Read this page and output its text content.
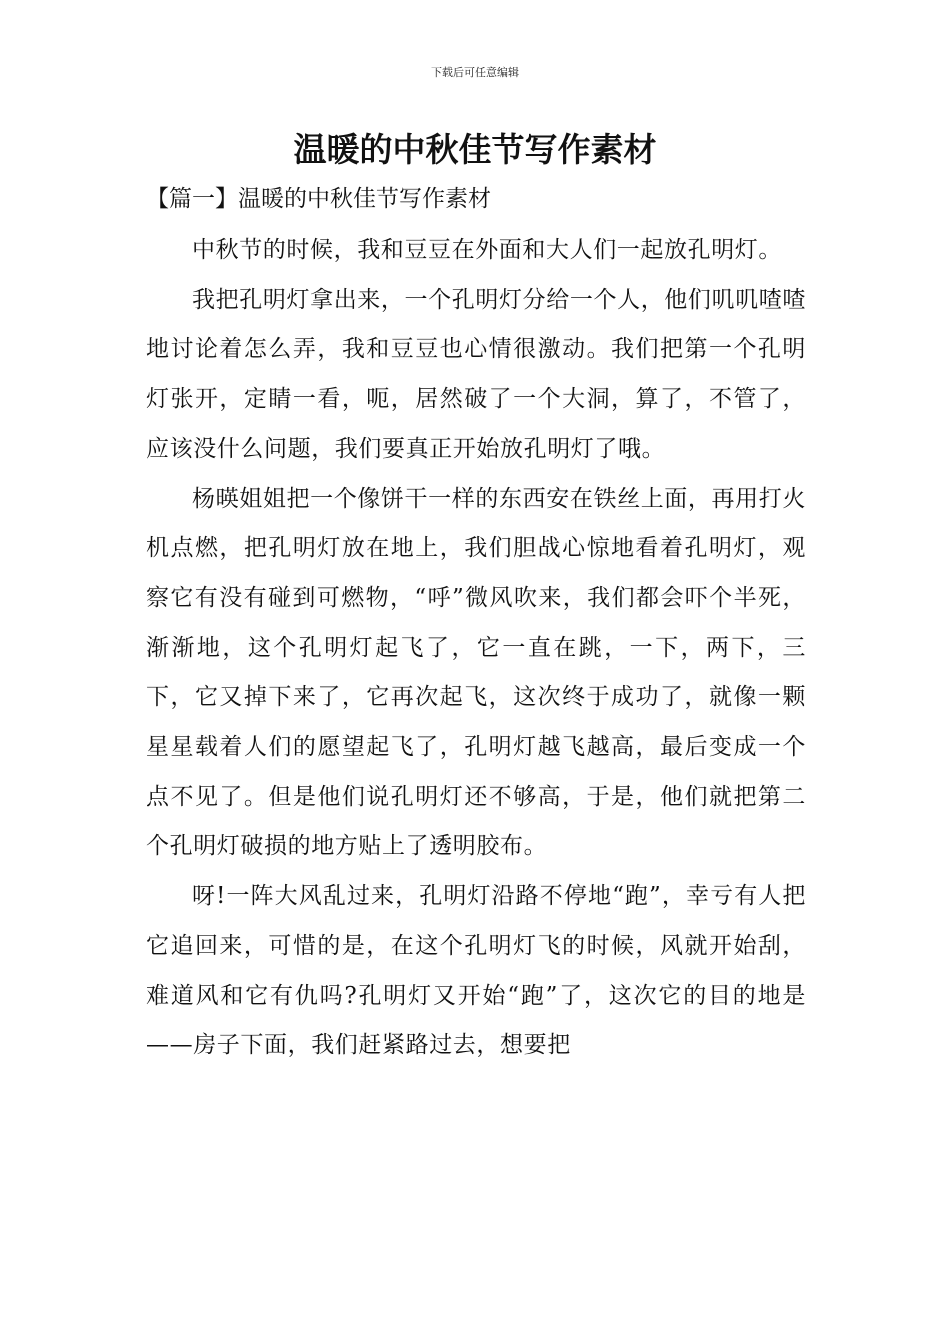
下载后可任意编辑
温暖的中秋佳节写作素材
【篇一】温暖的中秋佳节写作素材

中秋节的时候，我和豆豆在外面和大人们一起放孔明灯。

我把孔明灯拿出来，一个孔明灯分给一个人，他们叽叽喳喳地讨论着怎么弄，我和豆豆也心情很激动。我们把第一个孔明灯张开，定睛一看，呃，居然破了一个大洞，算了，不管了，应该没什么问题，我们要真正开始放孔明灯了哦。

杨暎姐姐把一个像饼干一样的东西安在铁丝上面，再用打火机点燃，把孔明灯放在地上，我们胆战心惊地看着孔明灯，观察它有没有碰到可燃物，“呼”微风吹来，我们都会吓个半死，渐渐地，这个孔明灯起飞了，它一直在跳，一下，两下，三下，它又掉下来了，它再次起飞，这次终于成功了，就像一颗星星载着人们的愿望起飞了，孔明灯越飞越高，最后变成一个点不见了。但是他们说孔明灯还不够高，于是，他们就把第二个孔明灯破损的地方贴上了透明胶布。

呀!一阵大风乱过来，孔明灯沿路不停地“跑”，幸亏有人把它追回来，可惜的是，在这个孔明灯飞的时候，风就开始刮，难道风和它有仇吗?孔明灯又开始“跑”了，这次它的目的地是——房子下面，我们赶紧路过去，想要把
